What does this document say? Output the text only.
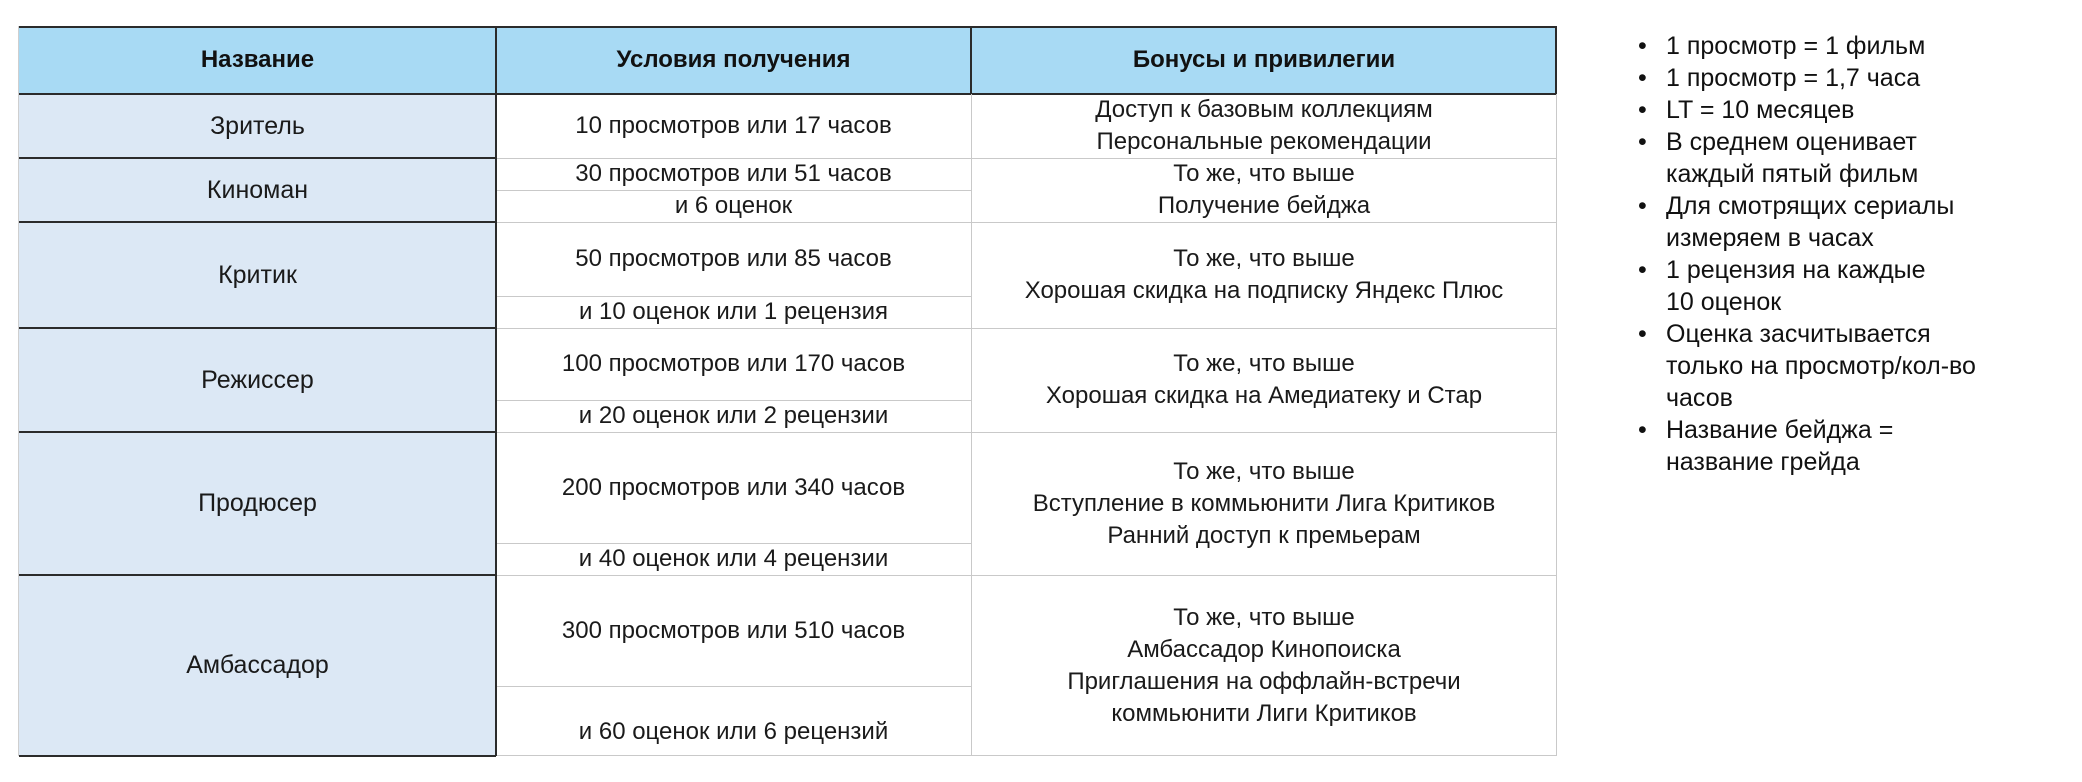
Название	Условия получения	Бонусы и привилегии
Зритель
Киноман
Критик
Режиссер
Продюсер
Амбассадор
10 просмотров или 17 часов
30 просмотров или 51 часов
и 6 оценок
50 просмотров или 85 часов
и 10 оценок или 1 рецензия
100 просмотров или 170 часов
и 20 оценок или 2 рецензии
200 просмотров или 340 часов
и 40 оценок или 4 рецензии
300 просмотров или 510 часов
и 60 оценок или 6 рецензий
Доступ к базовым коллекциям
Персональные рекомендации
То же, что выше
Получение бейджа
То же, что выше
Хорошая скидка на подписку Яндекс Плюс
То же, что выше
Хорошая скидка на Амедиатеку и Стар
То же, что выше
Вступление в коммьюнити Лига Критиков
Ранний доступ к премьерам
То же, что выше
Амбассадор Кинопоиска
Приглашения на оффлайн-встречи
коммьюнити Лиги Критиков
• 1 просмотр = 1 фильм
• 1 просмотр = 1,7 часа
• LT = 10 месяцев
• В среднем оценивает
каждый пятый фильм
• Для смотрящих сериалы
измеряем в часах
• 1 рецензия на каждые
10 оценок
• Оценка засчитывается
только на просмотр/кол-во
часов
• Название бейджа =
название грейда
